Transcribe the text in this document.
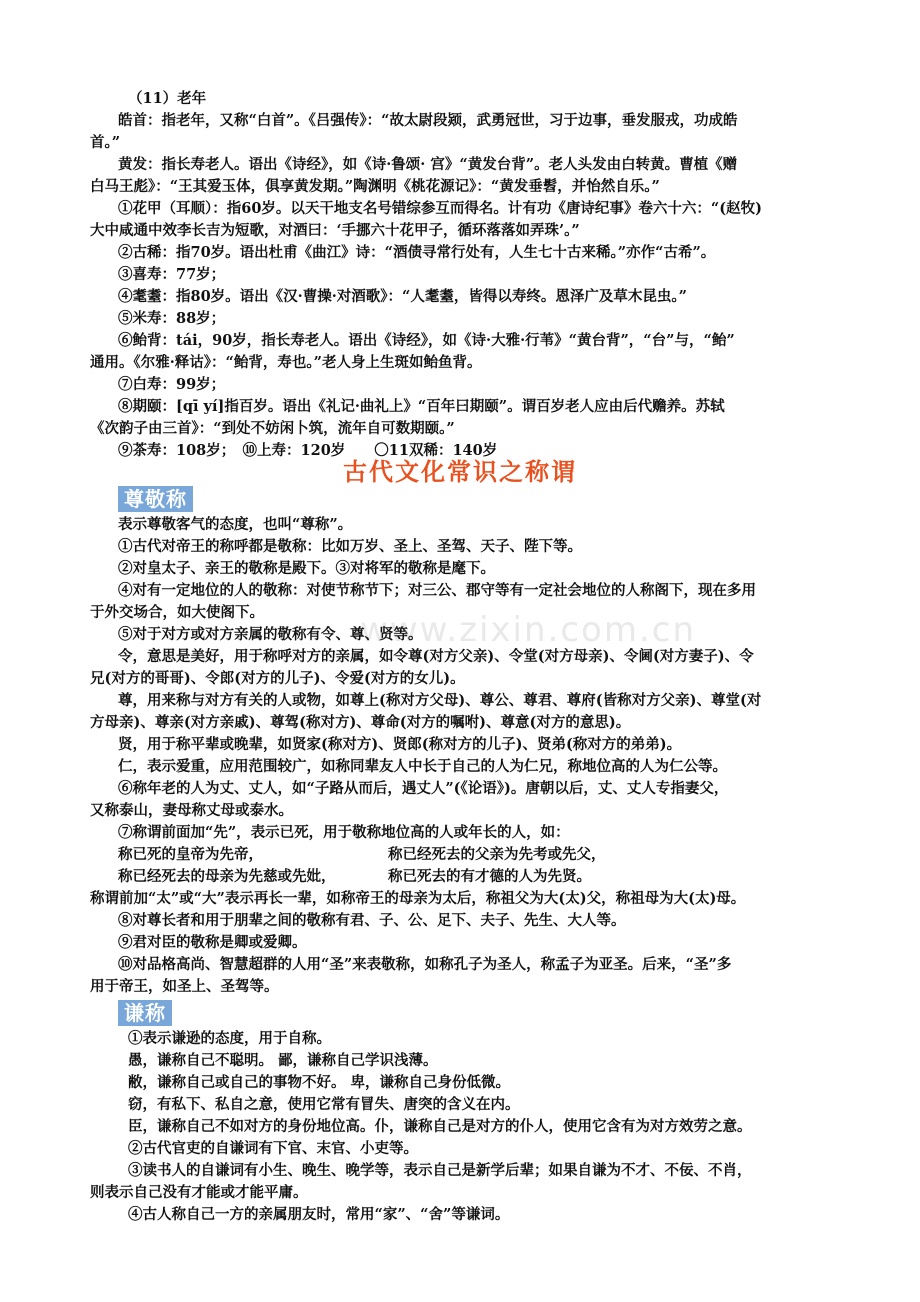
www.zixin.com.cn
（11）老年
皓首：指老年，又称“白首”。《吕强传》：“故太尉段颎，武勇冠世，习于边事，垂发服戎，功成皓
首。”
黄发：指长寿老人。语出《诗经》，如《诗·鲁颂· 宫》“黄发台背”。老人头发由白转黄。曹植《赠
白马王彪》：“王其爱玉体，俱享黄发期。”陶渊明《桃花源记》：“黄发垂髫，并怡然自乐。”
①花甲（耳顺）：指60岁。以天干地支名号错综参互而得名。计有功《唐诗纪事》卷六十六：“(赵牧)
大中咸通中效李长吉为短歌，对酒曰：‘手挪六十花甲子，循环落落如弄珠’。”
②古稀：指70岁。语出杜甫《曲江》诗：“酒债寻常行处有，人生七十古来稀。”亦作“古希”。
③喜寿：77岁；
④耄耋：指80岁。语出《汉·曹操·对酒歌》：“人耄耋，皆得以寿终。恩泽广及草木昆虫。”
⑤米寿：88岁；
⑥鲐背：tái，90岁，指长寿老人。语出《诗经》，如《诗·大雅·行苇》“黄台背”，“台”与，“鲐”
通用。《尔雅·释诂》：“鲐背，寿也。”老人身上生斑如鲐鱼背。
⑦白寿：99岁；
⑧期颐：[qī yí]指百岁。语出《礼记·曲礼上》“百年曰期颐”。谓百岁老人应由后代赡养。苏轼
《次韵子由三首》：“到处不妨闲卜筑，流年自可数期颐。”
⑨茶寿：108岁；　⑩上寿：120岁　　〇11双稀：140岁
古代文化常识之称谓
尊敬称
表示尊敬客气的态度，也叫“尊称”。
①古代对帝王的称呼都是敬称：比如万岁、圣上、圣驾、天子、陛下等。
②对皇太子、亲王的敬称是殿下。③对将军的敬称是麾下。
④对有一定地位的人的敬称：对使节称节下；对三公、郡守等有一定社会地位的人称阁下，现在多用
于外交场合，如大使阁下。
⑤对于对方或对方亲属的敬称有令、尊、贤等。
令，意思是美好，用于称呼对方的亲属，如令尊(对方父亲)、令堂(对方母亲)、令阃(对方妻子)、令
兄(对方的哥哥)、令郎(对方的儿子)、令爱(对方的女儿)。
尊，用来称与对方有关的人或物，如尊上(称对方父母)、尊公、尊君、尊府(皆称对方父亲)、尊堂(对
方母亲)、尊亲(对方亲戚)、尊驾(称对方)、尊命(对方的嘱咐)、尊意(对方的意思)。
贤，用于称平辈或晚辈，如贤家(称对方)、贤郎(称对方的儿子)、贤弟(称对方的弟弟)。
仁，表示爱重，应用范围较广，如称同辈友人中长于自己的人为仁兄，称地位高的人为仁公等。
⑥称年老的人为丈、丈人，如“子路从而后，遇丈人”(《论语》)。唐朝以后，丈、丈人专指妻父，
又称泰山，妻母称丈母或泰水。
⑦称谓前面加“先”，表示已死，用于敬称地位高的人或年长的人，如：
称已死的皇帝为先帝，	称已经死去的父亲为先考或先父，
称已经死去的母亲为先慈或先妣，	称已死去的有才德的人为先贤。
称谓前加“太”或“大”表示再长一辈，如称帝王的母亲为太后，称祖父为大(太)父，称祖母为大(太)母。
⑧对尊长者和用于朋辈之间的敬称有君、子、公、足下、夫子、先生、大人等。
⑨君对臣的敬称是卿或爱卿。
⑩对品格高尚、智慧超群的人用“圣”来表敬称，如称孔子为圣人，称孟子为亚圣。后来，“圣”多
用于帝王，如圣上、圣驾等。
谦称
①表示谦逊的态度，用于自称。
愚，谦称自己不聪明。 鄙，谦称自己学识浅薄。
敝，谦称自己或自己的事物不好。 卑，谦称自己身份低微。
窃，有私下、私自之意，使用它常有冒失、唐突的含义在内。
臣，谦称自己不如对方的身份地位高。仆，谦称自己是对方的仆人，使用它含有为对方效劳之意。
②古代官吏的自谦词有下官、末官、小吏等。
③读书人的自谦词有小生、晚生、晚学等，表示自己是新学后辈；如果自谦为不才、不佞、不肖，
则表示自己没有才能或才能平庸。
④古人称自己一方的亲属朋友时，常用“家”、“舍”等谦词。
